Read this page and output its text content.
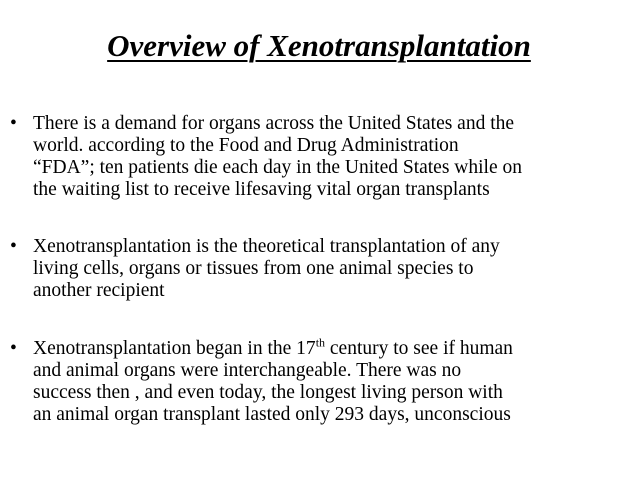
Overview of Xenotransplantation
• There is a demand for organs across the United States and the
world. according to the Food and Drug Administration
“FDA”; ten patients die each day in the United States while on
the waiting list to receive lifesaving vital organ transplants
• Xenotransplantation is the theoretical transplantation of any
living cells, organs or tissues from one animal species to
another recipient
• Xenotransplantation began in the 17th century to see if human
and animal organs were interchangeable. There was no
success then , and even today, the longest living person with
an animal organ transplant lasted only 293 days, unconscious
